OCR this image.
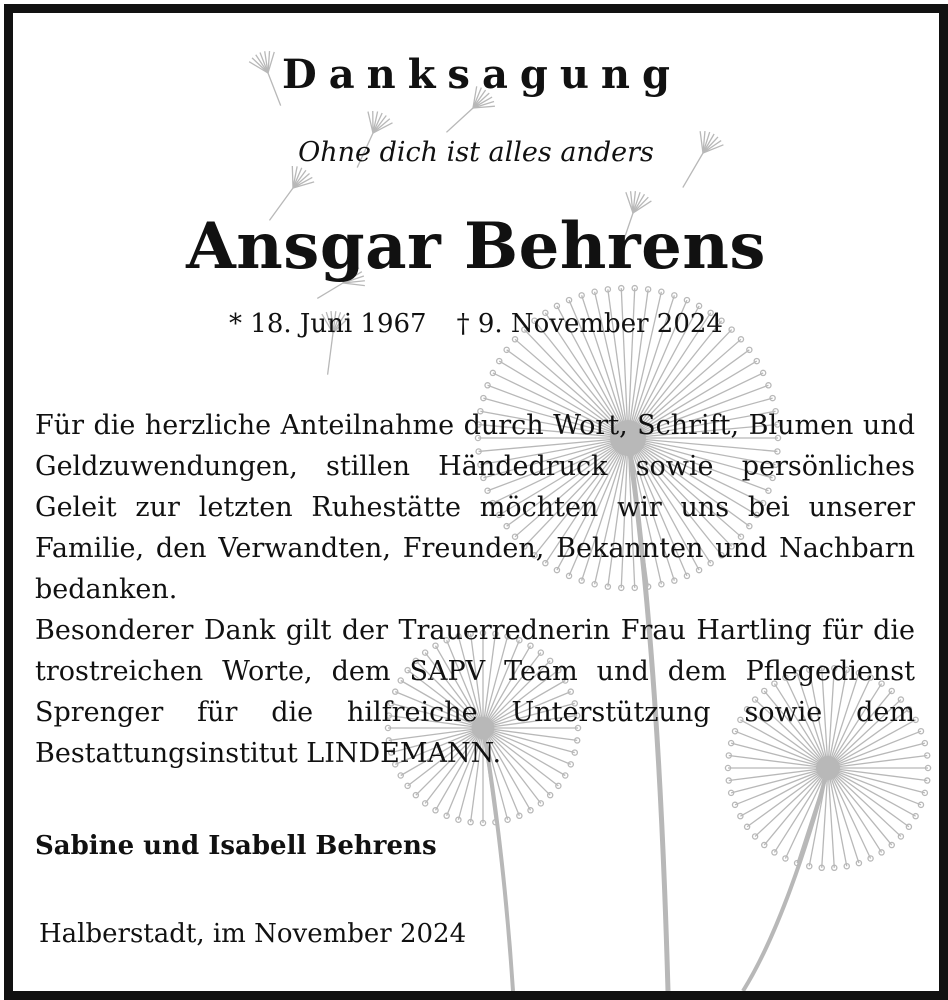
Danksagung
Ohne dich ist alles anders
Ansgar Behrens
* 18. Juni 1967 † 9. November 2024
Für die herzliche Anteilnahme durch Wort, Schrift, Blumen und Geldzuwendungen, stillen Händedruck sowie persönliches Geleit zur letzten Ruhestätte möchten wir uns bei unserer Familie, den Verwandten, Freunden, Bekannten und Nachbarn bedanken.
Besonderer Dank gilt der Trauerrednerin Frau Hartling für die trostreichen Worte, dem SAPV Team und dem Pflegedienst Sprenger für die hilfreiche Unterstützung sowie dem Bestattungsinstitut LINDEMANN.
Sabine und Isabell Behrens
Halberstadt, im November 2024
